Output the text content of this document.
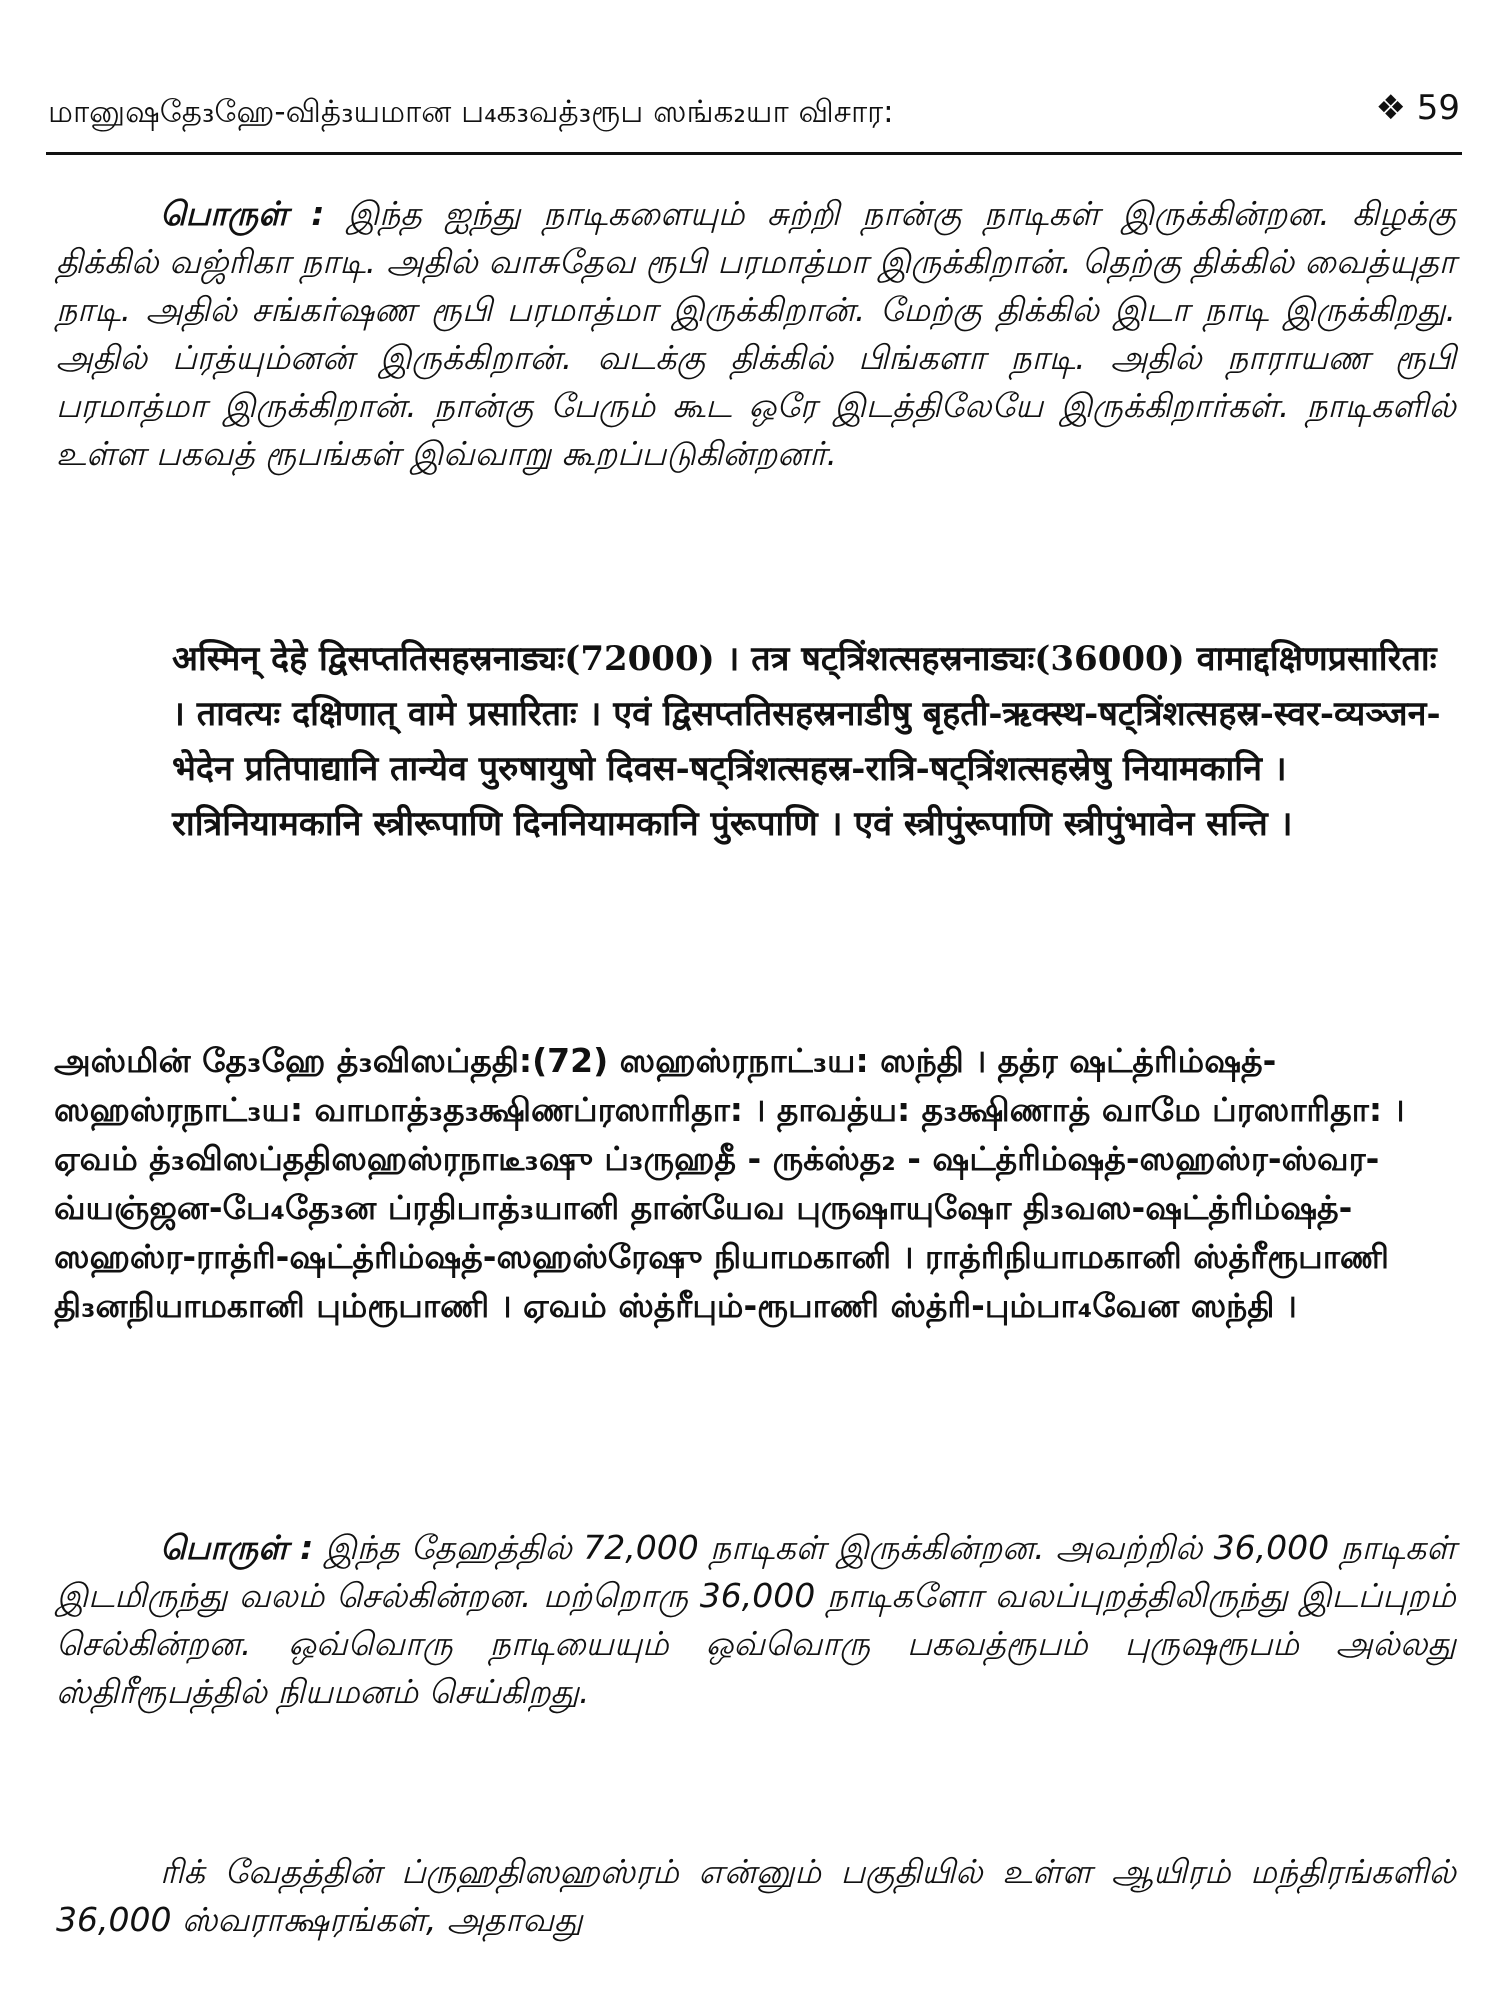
மானுஷதே₃ஹே-வித்₃யமான ப₄க₃வத்₃ரூப ஸங்க₂யா விசார:	❖ 59

பொருள் : இந்த ஐந்து நாடிகளையும் சுற்றி நான்கு நாடிகள் இருக்கின்றன. கிழக்கு திக்கில் வஜ்ரிகா நாடி. அதில் வாசுதேவ ரூபி பரமாத்மா இருக்கிறான். தெற்கு திக்கில் வைத்யுதா நாடி. அதில் சங்கர்ஷண ரூபி பரமாத்மா இருக்கிறான். மேற்கு திக்கில் இடா நாடி இருக்கிறது. அதில் ப்ரத்யும்னன் இருக்கிறான். வடக்கு திக்கில் பிங்களா நாடி. அதில் நாராயண ரூபி பரமாத்மா இருக்கிறான். நான்கு பேரும் கூட ஒரே இடத்திலேயே இருக்கிறார்கள். நாடிகளில் உள்ள பகவத் ரூபங்கள் இவ்வாறு கூறப்படுகின்றனர்.

अस्मिन् देहे द्विसप्ततिसहस्रनाड्यः(72000) । तत्र षट्त्रिंशत्सहस्रनाड्यः(36000) वामाद्दक्षिणप्रसारिताः । तावत्यः दक्षिणात् वामे प्रसारिताः । एवं द्विसप्ततिसहस्रनाडीषु बृहती-ऋक्स्थ-षट्त्रिंशत्सहस्र-स्वर-व्यञ्जन-भेदेन प्रतिपाद्यानि तान्येव पुरुषायुषो दिवस-षट्त्रिंशत्सहस्र-रात्रि-षट्त्रिंशत्सहस्रेषु नियामकानि । रात्रिनियामकानि स्त्रीरूपाणि दिननियामकानि पुंरूपाणि । एवं स्त्रीपुंरूपाणि स्त्रीपुंभावेन सन्ति ।

அஸ்மின் தே₃ஹே த்₃விஸப்ததி:(72) ஸஹஸ்ரநாட்₃ய: ஸந்தி । தத்ர ஷட்த்ரிம்ஷத்-ஸஹஸ்ரநாட்₃ய: வாமாத்₃த₃க்ஷிணப்ரஸாரிதா: । தாவத்ய: த₃க்ஷிணாத் வாமே ப்ரஸாரிதா: । ஏவம் த்₃விஸப்ததிஸஹஸ்ரநாடீ₃ஷு ப்₃ருஹதீ - ருக்ஸ்த₂ - ஷட்த்ரிம்ஷத்-ஸஹஸ்ர-ஸ்வர-வ்யஞ்ஜன-பே₄தே₃ன ப்ரதிபாத்₃யானி தான்யேவ புருஷாயுஷோ தி₃வஸ-ஷட்த்ரிம்ஷத்- ஸஹஸ்ர-ராத்ரி-ஷட்த்ரிம்ஷத்-ஸஹஸ்ரேஷு நியாமகானி । ராத்ரிநியாமகானி ஸ்த்ரீரூபாணி தி₃னநியாமகானி பும்ரூபாணி । ஏவம் ஸ்த்ரீபும்-ரூபாணி ஸ்த்ரி-பும்பா₄வேன ஸந்தி ।

பொருள் : இந்த தேஹத்தில் 72,000 நாடிகள் இருக்கின்றன. அவற்றில் 36,000 நாடிகள் இடமிருந்து வலம் செல்கின்றன. மற்றொரு 36,000 நாடிகளோ வலப்புறத்திலிருந்து இடப்புறம் செல்கின்றன. ஒவ்வொரு நாடியையும் ஒவ்வொரு பகவத்ரூபம் புருஷரூபம் அல்லது ஸ்திரீரூபத்தில் நியமனம் செய்கிறது.

ரிக் வேதத்தின் ப்ருஹதிஸஹஸ்ரம் என்னும் பகுதியில் உள்ள ஆயிரம் மந்திரங்களில் 36,000 ஸ்வராக்ஷரங்கள், அதாவது
